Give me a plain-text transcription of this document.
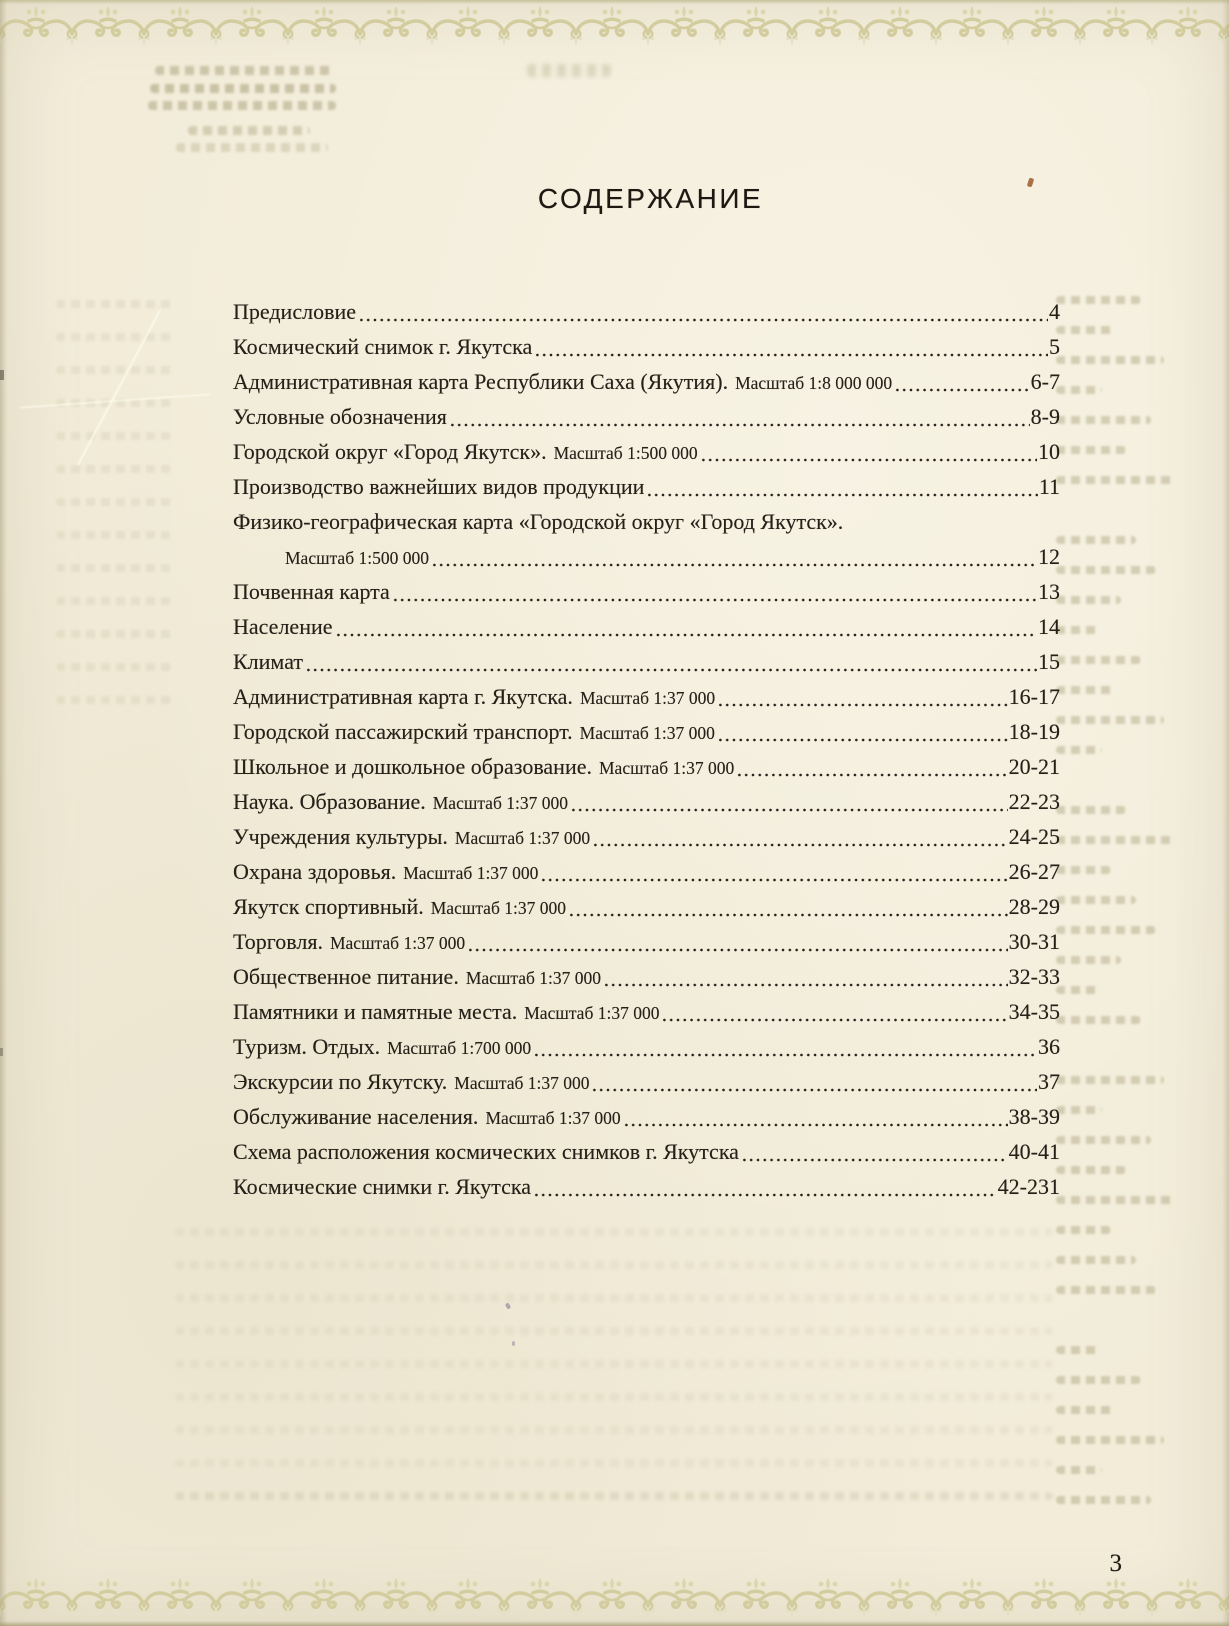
СОДЕРЖАНИЕ
Предисловие	4
Космический снимок г. Якутска	5
Административная карта Республики Саха (Якутия). Масштаб 1:8 000 000	6-7
Условные обозначения	8-9
Городской округ «Город Якутск». Масштаб 1:500 000	10
Производство важнейших видов продукции	11
Физико-географическая карта «Городской округ «Город Якутск».
Масштаб 1:500 000	12
Почвенная карта	13
Население	14
Климат	15
Административная карта г. Якутска. Масштаб 1:37 000	16-17
Городской пассажирский транспорт. Масштаб 1:37 000	18-19
Школьное и дошкольное образование. Масштаб 1:37 000	20-21
Наука. Образование. Масштаб 1:37 000	22-23
Учреждения культуры. Масштаб 1:37 000	24-25
Охрана здоровья. Масштаб 1:37 000	26-27
Якутск спортивный. Масштаб 1:37 000	28-29
Торговля. Масштаб 1:37 000	30-31
Общественное питание. Масштаб 1:37 000	32-33
Памятники и памятные места. Масштаб 1:37 000	34-35
Туризм. Отдых. Масштаб 1:700 000	36
Экскурсии по Якутску. Масштаб 1:37 000	37
Обслуживание населения. Масштаб 1:37 000	38-39
Схема расположения космических снимков г. Якутска	40-41
Космические снимки г. Якутска	42-231
3
